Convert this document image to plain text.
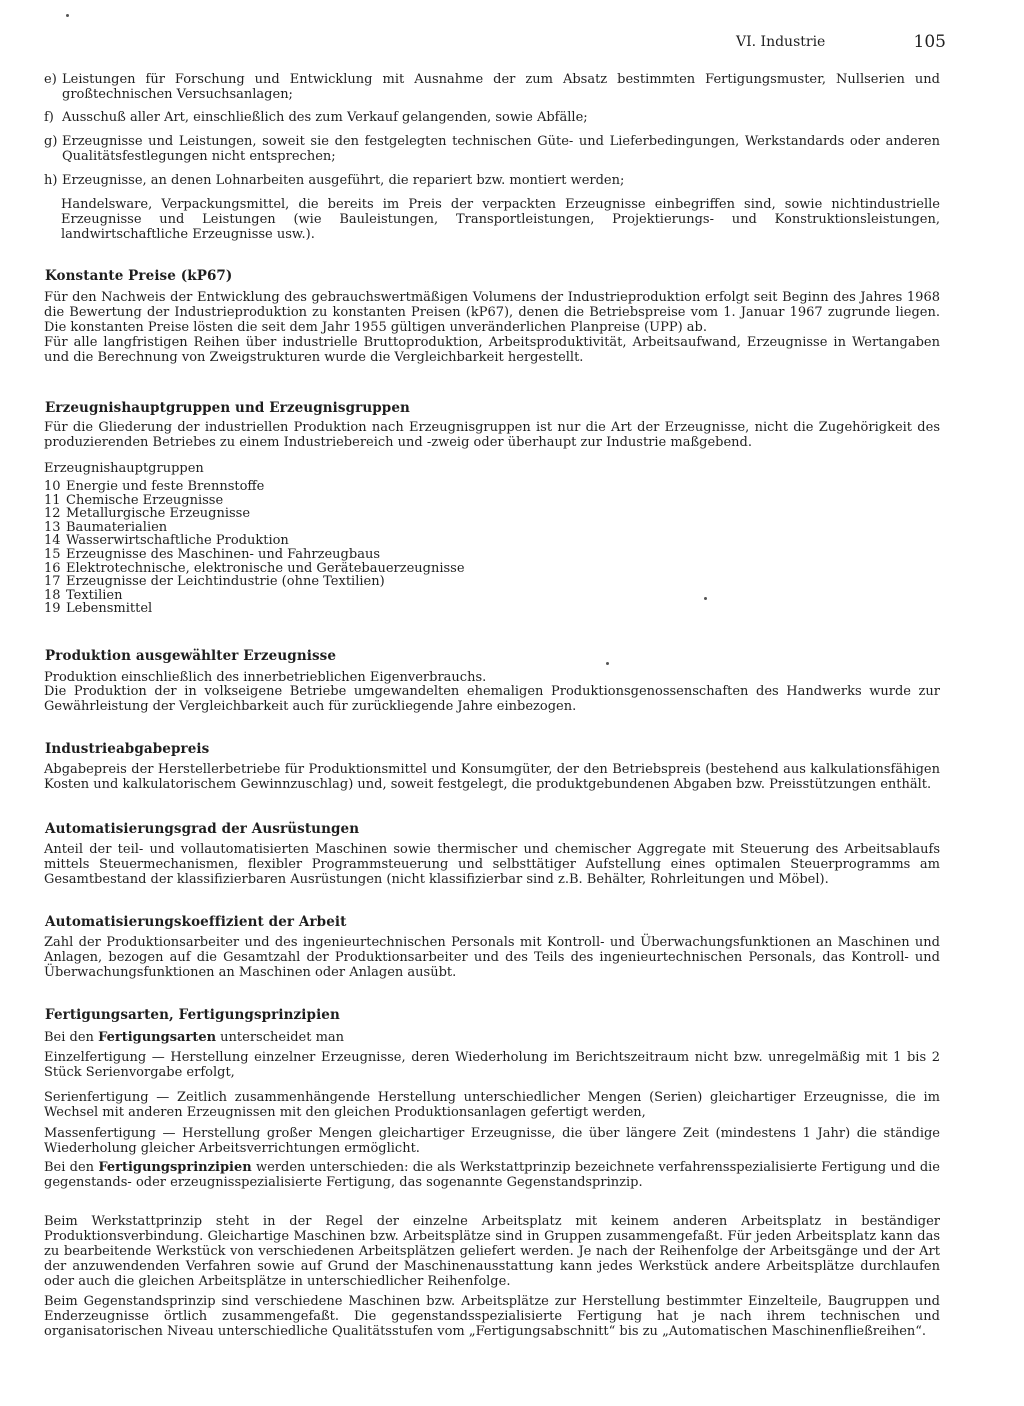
VI. Industrie	105
e) Leistungen für Forschung und Entwicklung mit Ausnahme der zum Absatz bestimmten Fertigungsmuster, Nullserien und großtechnischen Versuchsanlagen;
f) Ausschuß aller Art, einschließlich des zum Verkauf gelangenden, sowie Abfälle;
g) Erzeugnisse und Leistungen, soweit sie den festgelegten technischen Güte- und Lieferbedingungen, Werkstandards oder anderen Qualitätsfestlegungen nicht entsprechen;
h) Erzeugnisse, an denen Lohnarbeiten ausgeführt, die repariert bzw. montiert werden;
Handelsware, Verpackungsmittel, die bereits im Preis der verpackten Erzeugnisse einbegriffen sind, sowie nichtindustrielle Erzeugnisse und Leistungen (wie Bauleistungen, Transportleistungen, Projektierungs- und Konstruktionsleistungen, landwirtschaftliche Erzeugnisse usw.).
Konstante Preise (kP67)
Für den Nachweis der Entwicklung des gebrauchswertmäßigen Volumens der Industrieproduktion erfolgt seit Beginn des Jahres 1968 die Bewertung der Industrieproduktion zu konstanten Preisen (kP67), denen die Betriebspreise vom 1. Januar 1967 zugrunde liegen. Die konstanten Preise lösten die seit dem Jahr 1955 gültigen unveränderlichen Planpreise (UPP) ab.
Für alle langfristigen Reihen über industrielle Bruttoproduktion, Arbeitsproduktivität, Arbeitsaufwand, Erzeugnisse in Wertangaben und die Berechnung von Zweigstrukturen wurde die Vergleichbarkeit hergestellt.
Erzeugnishauptgruppen und Erzeugnisgruppen
Für die Gliederung der industriellen Produktion nach Erzeugnisgruppen ist nur die Art der Erzeugnisse, nicht die Zugehörigkeit des produzierenden Betriebes zu einem Industriebereich und -zweig oder überhaupt zur Industrie maßgebend.
Erzeugnishauptgruppen
10 Energie und feste Brennstoffe
11 Chemische Erzeugnisse
12 Metallurgische Erzeugnisse
13 Baumaterialien
14 Wasserwirtschaftliche Produktion
15 Erzeugnisse des Maschinen- und Fahrzeugbaus
16 Elektrotechnische, elektronische und Gerätebauerzeugnisse
17 Erzeugnisse der Leichtindustrie (ohne Textilien)
18 Textilien
19 Lebensmittel
Produktion ausgewählter Erzeugnisse
Produktion einschließlich des innerbetrieblichen Eigenverbrauchs.
Die Produktion der in volkseigene Betriebe umgewandelten ehemaligen Produktionsgenossenschaften des Handwerks wurde zur Gewährleistung der Vergleichbarkeit auch für zurückliegende Jahre einbezogen.
Industrieabgabepreis
Abgabepreis der Herstellerbetriebe für Produktionsmittel und Konsumgüter, der den Betriebspreis (bestehend aus kalkulationsfähigen Kosten und kalkulatorischem Gewinnzuschlag) und, soweit festgelegt, die produktgebundenen Abgaben bzw. Preisstützungen enthält.
Automatisierungsgrad der Ausrüstungen
Anteil der teil- und vollautomatisierten Maschinen sowie thermischer und chemischer Aggregate mit Steuerung des Arbeitsablaufs mittels Steuermechanismen, flexibler Programmsteuerung und selbsttätiger Aufstellung eines optimalen Steuerprogramms am Gesamtbestand der klassifizierbaren Ausrüstungen (nicht klassifizierbar sind z.B. Behälter, Rohrleitungen und Möbel).
Automatisierungskoeffizient der Arbeit
Zahl der Produktionsarbeiter und des ingenieurtechnischen Personals mit Kontroll- und Überwachungsfunktionen an Maschinen und Anlagen, bezogen auf die Gesamtzahl der Produktionsarbeiter und des Teils des ingenieurtechnischen Personals, das Kontroll- und Überwachungsfunktionen an Maschinen oder Anlagen ausübt.
Fertigungsarten, Fertigungsprinzipien
Bei den Fertigungsarten unterscheidet man
Einzelfertigung — Herstellung einzelner Erzeugnisse, deren Wiederholung im Berichtszeitraum nicht bzw. unregelmäßig mit 1 bis 2 Stück Serienvorgabe erfolgt,
Serienfertigung — Zeitlich zusammenhängende Herstellung unterschiedlicher Mengen (Serien) gleichartiger Erzeugnisse, die im Wechsel mit anderen Erzeugnissen mit den gleichen Produktionsanlagen gefertigt werden,
Massenfertigung — Herstellung großer Mengen gleichartiger Erzeugnisse, die über längere Zeit (mindestens 1 Jahr) die ständige Wiederholung gleicher Arbeitsverrichtungen ermöglicht.
Bei den Fertigungsprinzipien werden unterschieden: die als Werkstattprinzip bezeichnete verfahrensspezialisierte Fertigung und die gegenstands- oder erzeugnisspezialisierte Fertigung, das sogenannte Gegenstandsprinzip.
Beim Werkstattprinzip steht in der Regel der einzelne Arbeitsplatz mit keinem anderen Arbeitsplatz in beständiger Produktionsverbindung. Gleichartige Maschinen bzw. Arbeitsplätze sind in Gruppen zusammengefaßt. Für jeden Arbeitsplatz kann das zu bearbeitende Werkstück von verschiedenen Arbeitsplätzen geliefert werden. Je nach der Reihenfolge der Arbeitsgänge und der Art der anzuwendenden Verfahren sowie auf Grund der Maschinenausstattung kann jedes Werkstück andere Arbeitsplätze durchlaufen oder auch die gleichen Arbeitsplätze in unterschiedlicher Reihenfolge.
Beim Gegenstandsprinzip sind verschiedene Maschinen bzw. Arbeitsplätze zur Herstellung bestimmter Einzelteile, Baugruppen und Enderzeugnisse örtlich zusammengefaßt. Die gegenstandsspezialisierte Fertigung hat je nach ihrem technischen und organisatorischen Niveau unterschiedliche Qualitätsstufen vom „Fertigungsabschnitt“ bis zu „Automatischen Maschinenfließreihen“.
